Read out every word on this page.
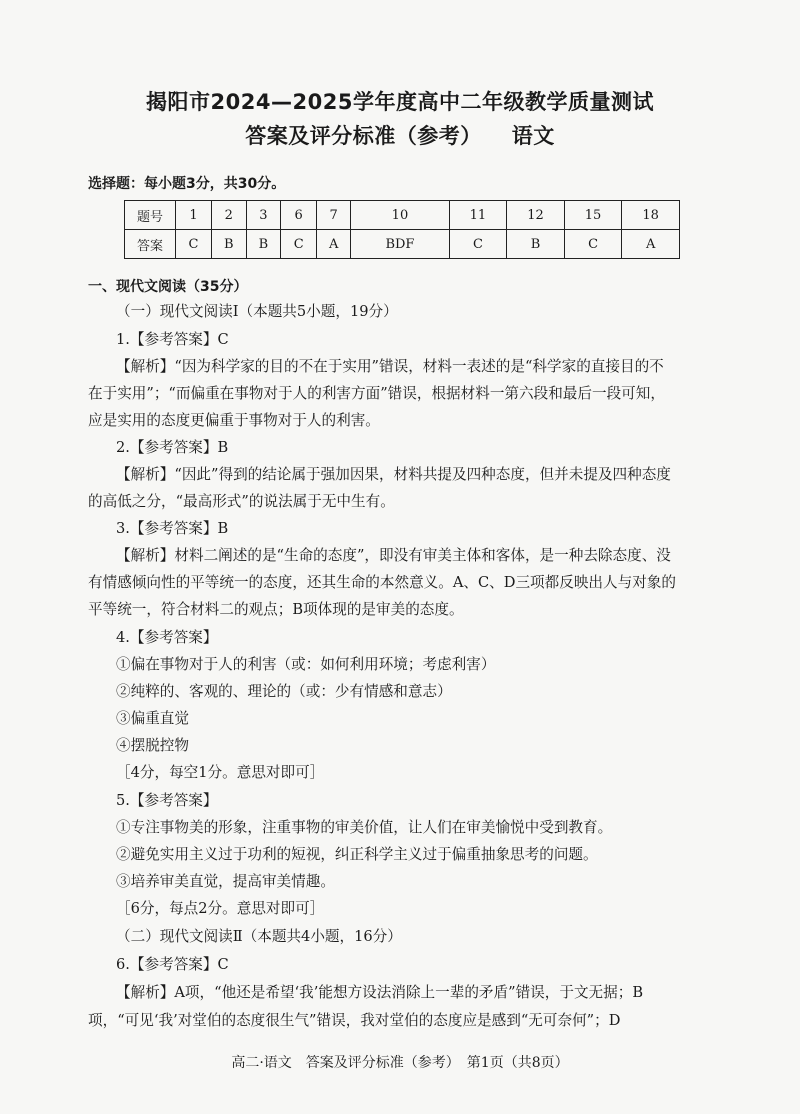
揭阳市2024—2025学年度高中二年级教学质量测试
答案及评分标准（参考） 语文
选择题：每小题3分，共30分。
题号	1	2	3	6	7	10	11	12	15	18
答案	C	B	B	C	A	BDF	C	B	C	A
一、现代文阅读（35分）
（一）现代文阅读Ⅰ（本题共5小题，19分）
1.【参考答案】C
【解析】“因为科学家的目的不在于实用”错误，材料一表述的是“科学家的直接目的不
在于实用”；“而偏重在事物对于人的利害方面”错误，根据材料一第六段和最后一段可知，
应是实用的态度更偏重于事物对于人的利害。
2.【参考答案】B
【解析】“因此”得到的结论属于强加因果，材料共提及四种态度，但并未提及四种态度
的高低之分，“最高形式”的说法属于无中生有。
3.【参考答案】B
【解析】材料二阐述的是“生命的态度”，即没有审美主体和客体，是一种去除态度、没
有情感倾向性的平等统一的态度，还其生命的本然意义。A、C、D三项都反映出人与对象的
平等统一，符合材料二的观点；B项体现的是审美的态度。
4.【参考答案】
①偏在事物对于人的利害（或：如何利用环境；考虑利害）
②纯粹的、客观的、理论的（或：少有情感和意志）
③偏重直觉
④摆脱控物
［4分，每空1分。意思对即可］
5.【参考答案】
①专注事物美的形象，注重事物的审美价值，让人们在审美愉悦中受到教育。
②避免实用主义过于功利的短视，纠正科学主义过于偏重抽象思考的问题。
③培养审美直觉，提高审美情趣。
［6分，每点2分。意思对即可］
（二）现代文阅读Ⅱ（本题共4小题，16分）
6.【参考答案】C
【解析】A项，“他还是希望‘我’能想方设法消除上一辈的矛盾”错误，于文无据；B
项，“可见‘我’对堂伯的态度很生气”错误，我对堂伯的态度应是感到“无可奈何”；D
高二·语文　答案及评分标准（参考）　第1页（共8页）
